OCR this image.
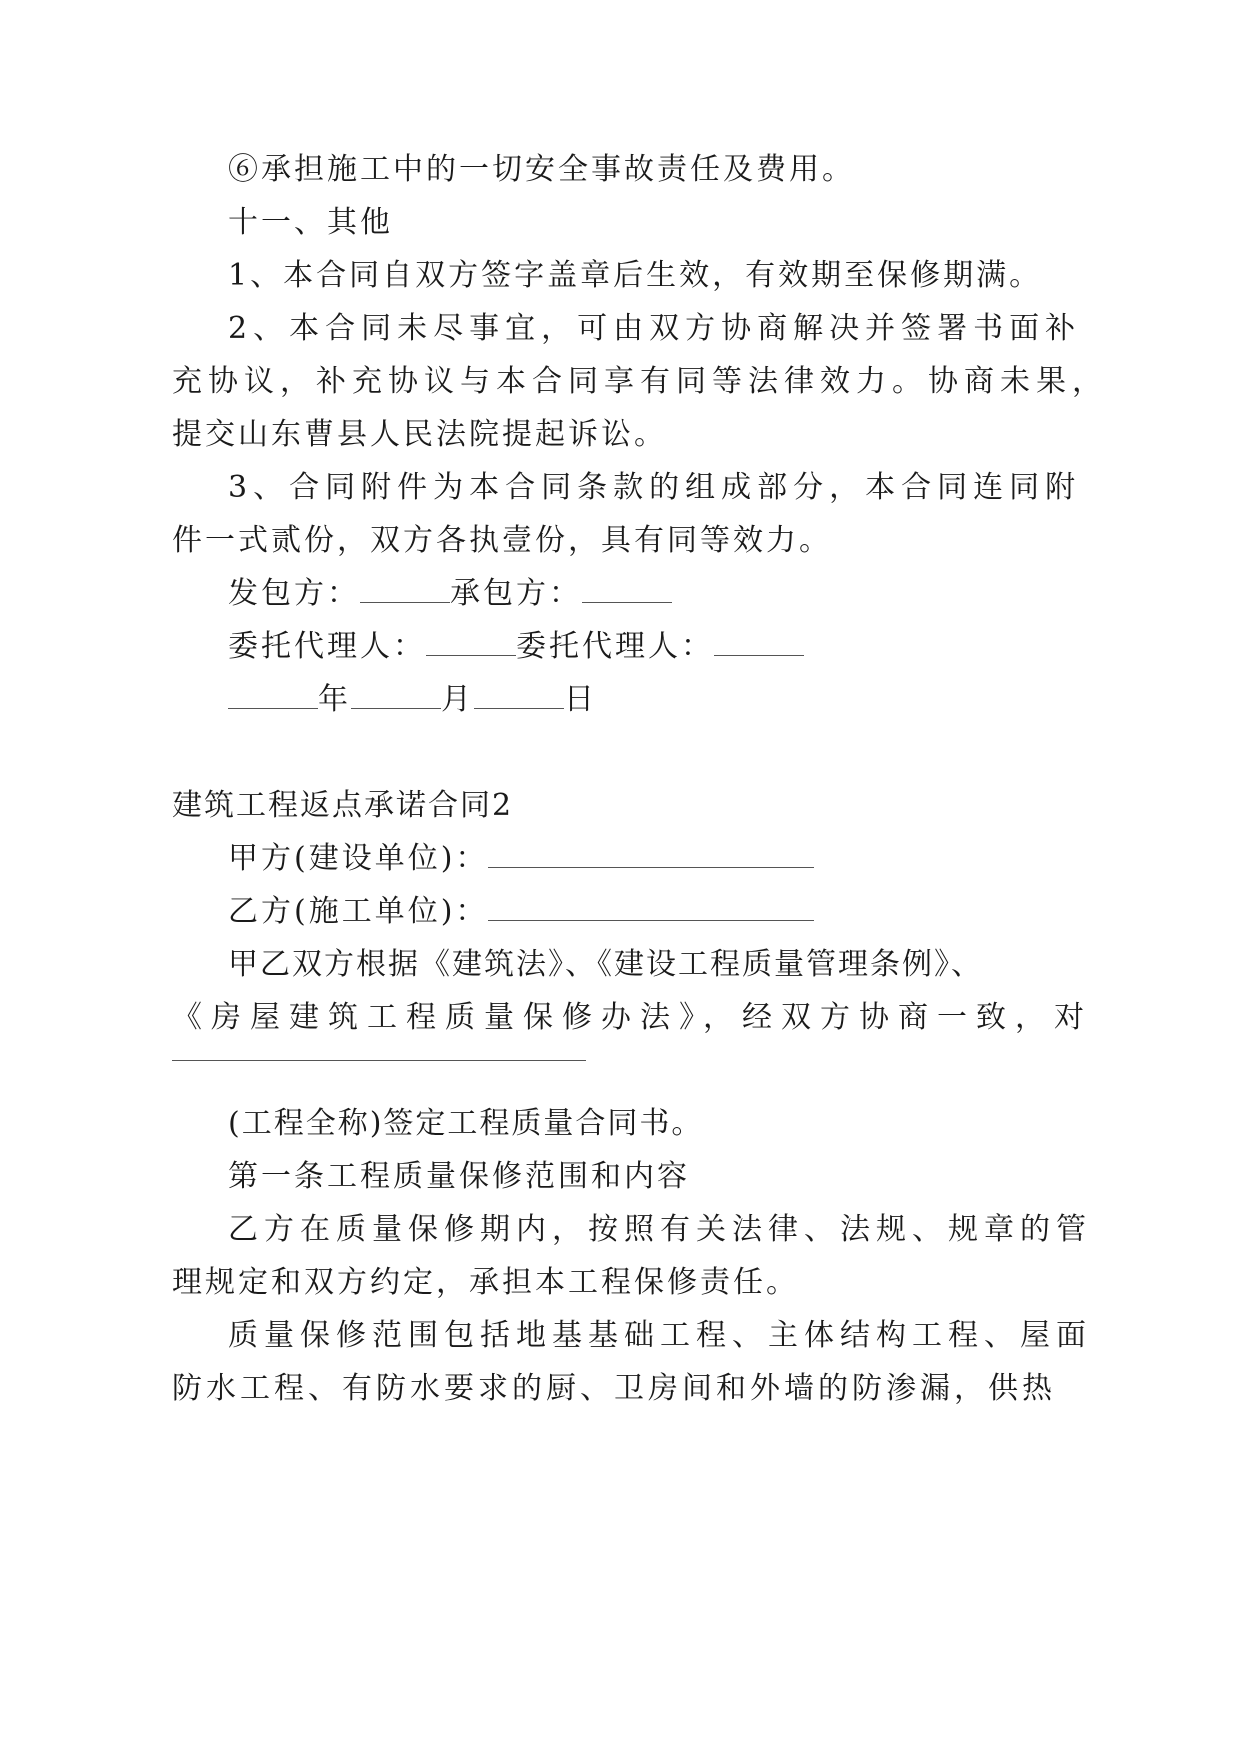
⑥承担施工中的一切安全事故责任及费用。

十一、其他

1、本合同自双方签字盖章后生效，有效期至保修期满。

2、本合同未尽事宜，可由双方协商解决并签署书面补

充协议，补充协议与本合同享有同等法律效力。协商未果，

提交山东曹县人民法院提起诉讼。

3、合同附件为本合同条款的组成部分，本合同连同附

件一式贰份，双方各执壹份，具有同等效力。

发包方：	承包方：

委托代理人：	委托代理人：

年	月	日

建筑工程返点承诺合同2

甲方(建设单位)：

乙方(施工单位)：

甲乙双方根据《建筑法》、《建设工程质量管理条例》、

《房屋建筑工程质量保修办法》，经双方协商一致，对

(工程全称)签定工程质量合同书。

第一条工程质量保修范围和内容

乙方在质量保修期内，按照有关法律、法规、规章的管

理规定和双方约定，承担本工程保修责任。

质量保修范围包括地基基础工程、主体结构工程、屋面

防水工程、有防水要求的厨、卫房间和外墙的防渗漏，供热
